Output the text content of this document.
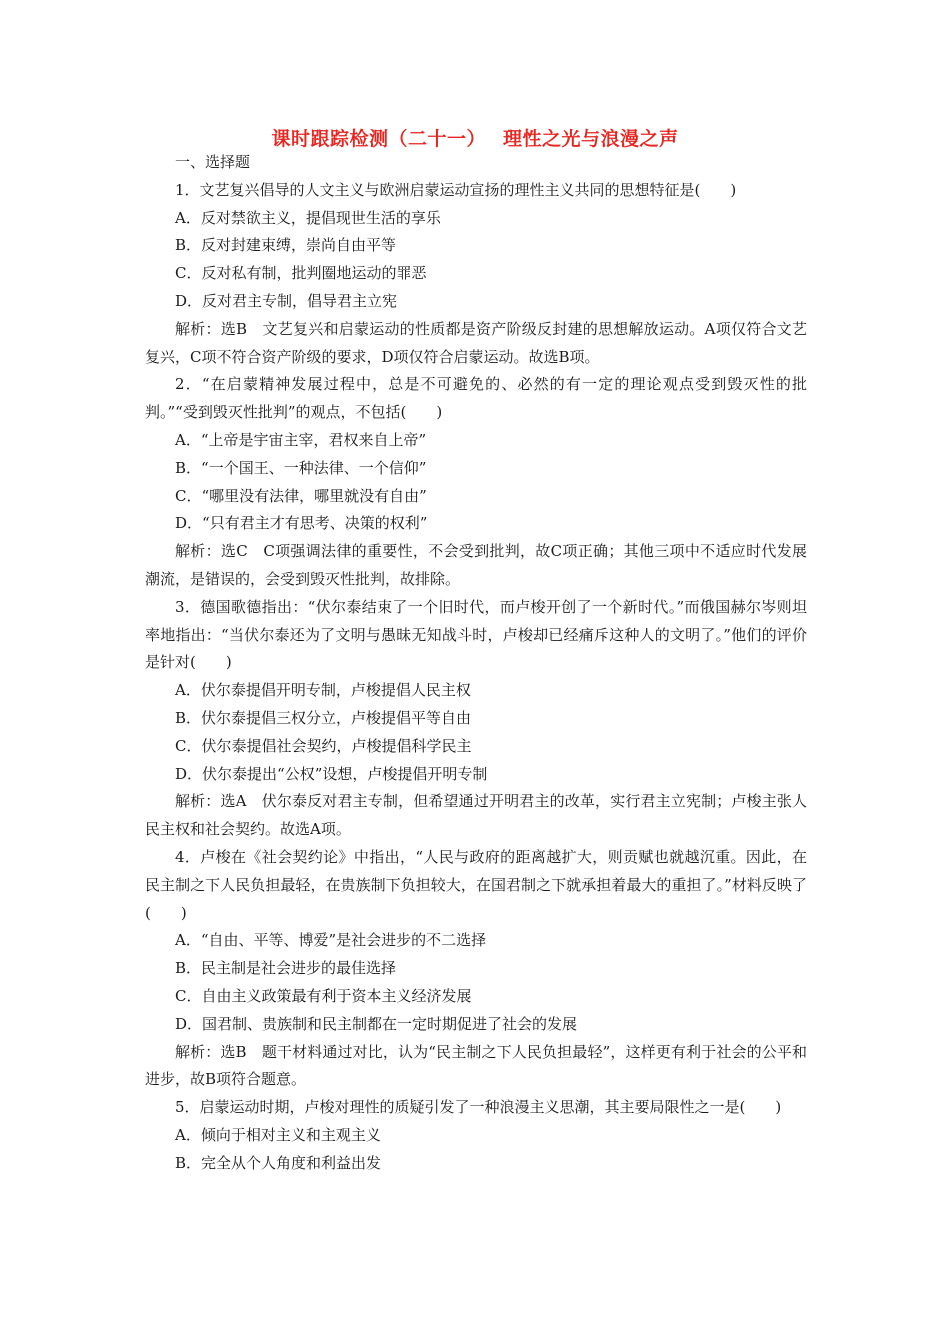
课时跟踪检测（二十一）　 理性之光与浪漫之声

一、选择题

1．文艺复兴倡导的人文主义与欧洲启蒙运动宣扬的理性主义共同的思想特征是(　　)

A．反对禁欲主义，提倡现世生活的享乐

B．反对封建束缚，崇尚自由平等

C．反对私有制，批判圈地运动的罪恶

D．反对君主专制，倡导君主立宪

解析：选B　文艺复兴和启蒙运动的性质都是资产阶级反封建的思想解放运动。A项仅符合文艺复兴，C项不符合资产阶级的要求，D项仅符合启蒙运动。故选B项。

2．“在启蒙精神发展过程中，总是不可避免的、必然的有一定的理论观点受到毁灭性的批判。”“受到毁灭性批判”的观点，不包括(　　)

A．“上帝是宇宙主宰，君权来自上帝”

B．“一个国王、一种法律、一个信仰”

C．“哪里没有法律，哪里就没有自由”

D．“只有君主才有思考、决策的权利”

解析：选C　C项强调法律的重要性，不会受到批判，故C项正确；其他三项中不适应时代发展潮流，是错误的，会受到毁灭性批判，故排除。

3．德国歌德指出：“伏尔泰结束了一个旧时代，而卢梭开创了一个新时代。”而俄国赫尔岑则坦率地指出：“当伏尔泰还为了文明与愚昧无知战斗时，卢梭却已经痛斥这种人的文明了。”他们的评价是针对(　　)

A．伏尔泰提倡开明专制，卢梭提倡人民主权

B．伏尔泰提倡三权分立，卢梭提倡平等自由

C．伏尔泰提倡社会契约，卢梭提倡科学民主

D．伏尔泰提出“公权”设想，卢梭提倡开明专制

解析：选A　伏尔泰反对君主专制，但希望通过开明君主的改革，实行君主立宪制；卢梭主张人民主权和社会契约。故选A项。

4．卢梭在《社会契约论》中指出，“人民与政府的距离越扩大，则贡赋也就越沉重。因此，在民主制之下人民负担最轻，在贵族制下负担较大，在国君制之下就承担着最大的重担了。”材料反映了(　　)

A．“自由、平等、博爱”是社会进步的不二选择

B．民主制是社会进步的最佳选择

C．自由主义政策最有利于资本主义经济发展

D．国君制、贵族制和民主制都在一定时期促进了社会的发展

解析：选B　题干材料通过对比，认为“民主制之下人民负担最轻”，这样更有利于社会的公平和进步，故B项符合题意。

5．启蒙运动时期，卢梭对理性的质疑引发了一种浪漫主义思潮，其主要局限性之一是(　　)

A．倾向于相对主义和主观主义

B．完全从个人角度和利益出发
